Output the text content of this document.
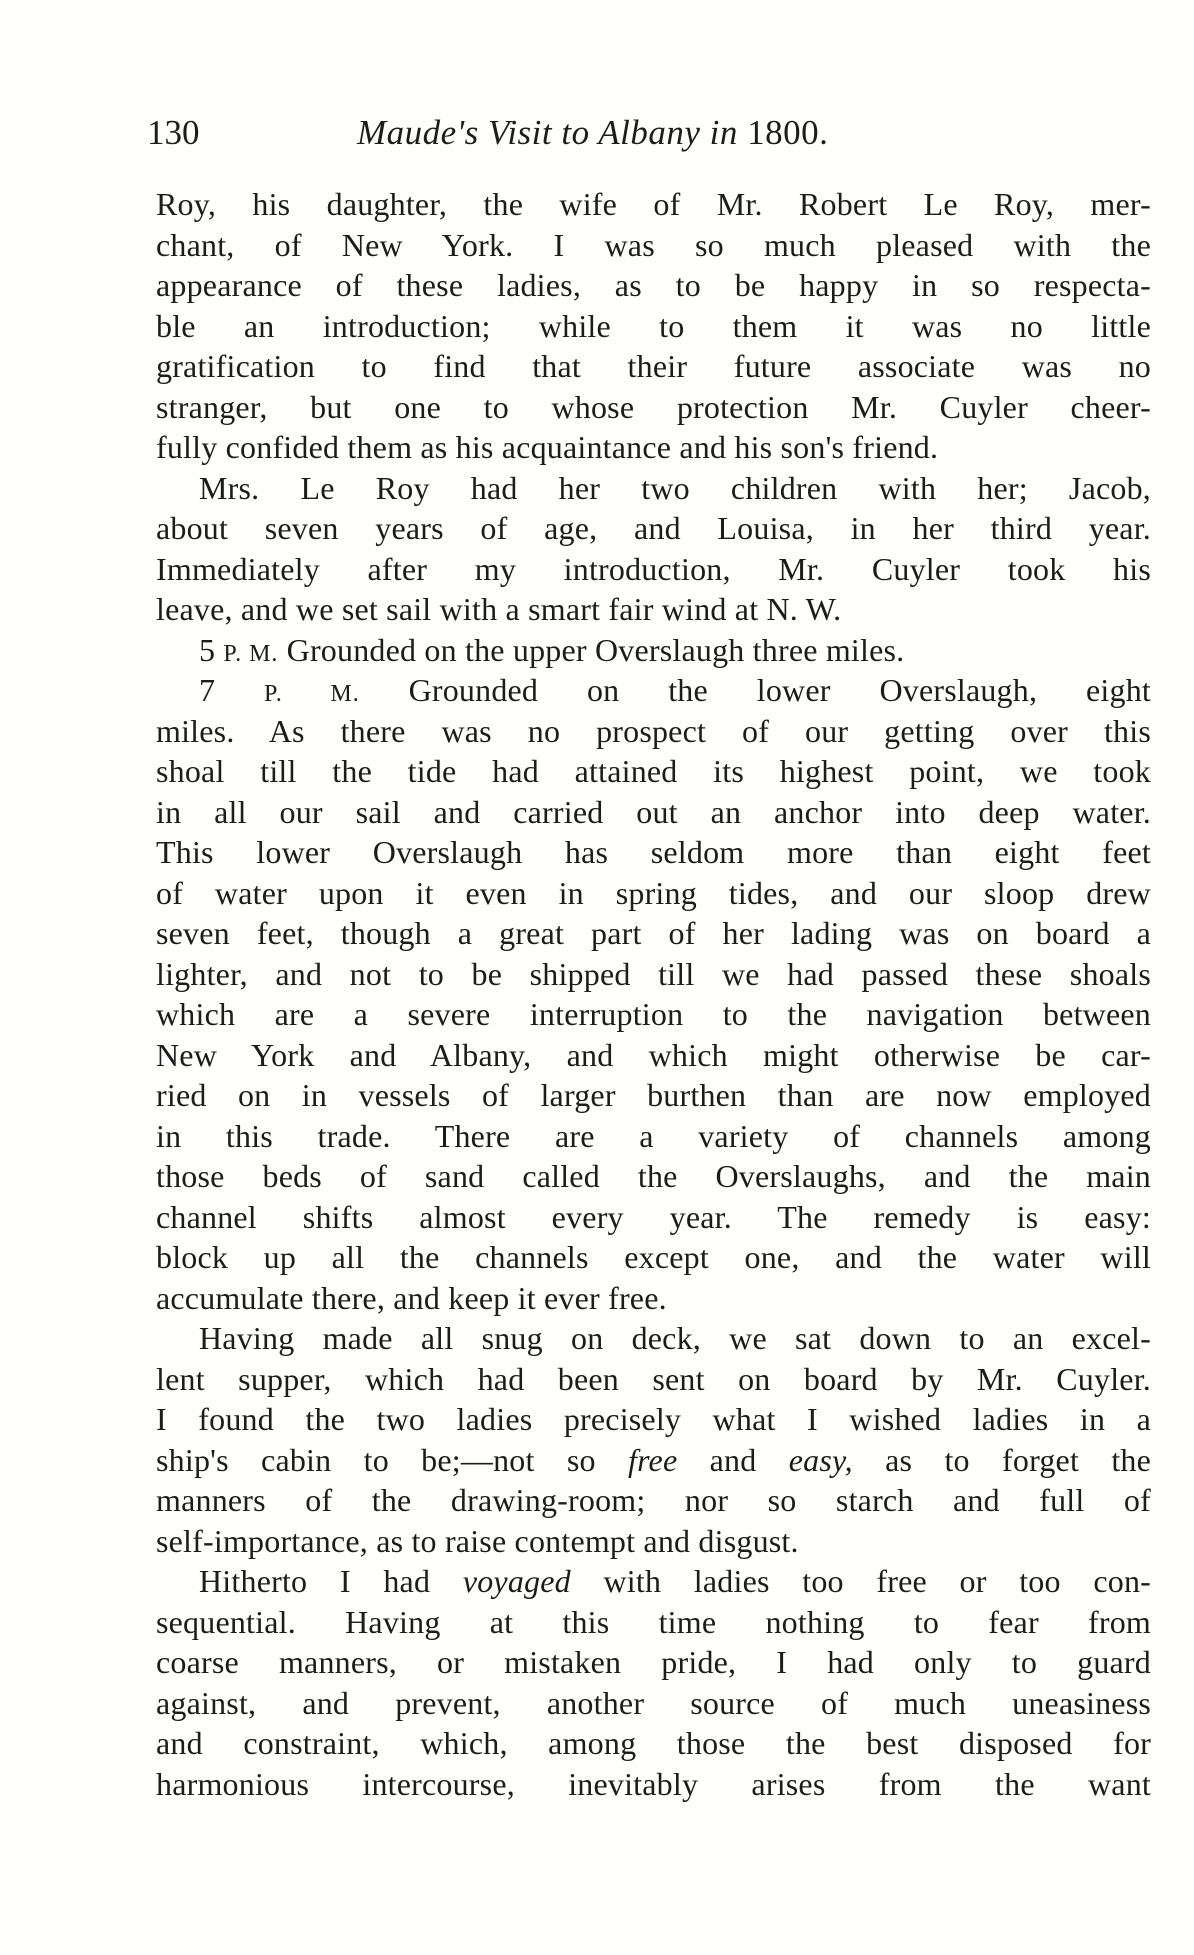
130	Maude's Visit to Albany in 1800.
Roy, his daughter, the wife of Mr. Robert Le Roy, mer-
chant, of New York. I was so much pleased with the
appearance of these ladies, as to be happy in so respecta-
ble an introduction; while to them it was no little
gratification to find that their future associate was no
stranger, but one to whose protection Mr. Cuyler cheer-
fully confided them as his acquaintance and his son's friend.
Mrs. Le Roy had her two children with her; Jacob,
about seven years of age, and Louisa, in her third year.
Immediately after my introduction, Mr. Cuyler took his
leave, and we set sail with a smart fair wind at N. W.
5 P. M. Grounded on the upper Overslaugh three miles.
7 P. M. Grounded on the lower Overslaugh, eight
miles. As there was no prospect of our getting over this
shoal till the tide had attained its highest point, we took
in all our sail and carried out an anchor into deep water.
This lower Overslaugh has seldom more than eight feet
of water upon it even in spring tides, and our sloop drew
seven feet, though a great part of her lading was on board a
lighter, and not to be shipped till we had passed these shoals
which are a severe interruption to the navigation between
New York and Albany, and which might otherwise be car-
ried on in vessels of larger burthen than are now employed
in this trade. There are a variety of channels among
those beds of sand called the Overslaughs, and the main
channel shifts almost every year. The remedy is easy:
block up all the channels except one, and the water will
accumulate there, and keep it ever free.
Having made all snug on deck, we sat down to an excel-
lent supper, which had been sent on board by Mr. Cuyler.
I found the two ladies precisely what I wished ladies in a
ship's cabin to be;—not so free and easy, as to forget the
manners of the drawing-room; nor so starch and full of
self-importance, as to raise contempt and disgust.
Hitherto I had voyaged with ladies too free or too con-
sequential. Having at this time nothing to fear from
coarse manners, or mistaken pride, I had only to guard
against, and prevent, another source of much uneasiness
and constraint, which, among those the best disposed for
harmonious intercourse, inevitably arises from the want
